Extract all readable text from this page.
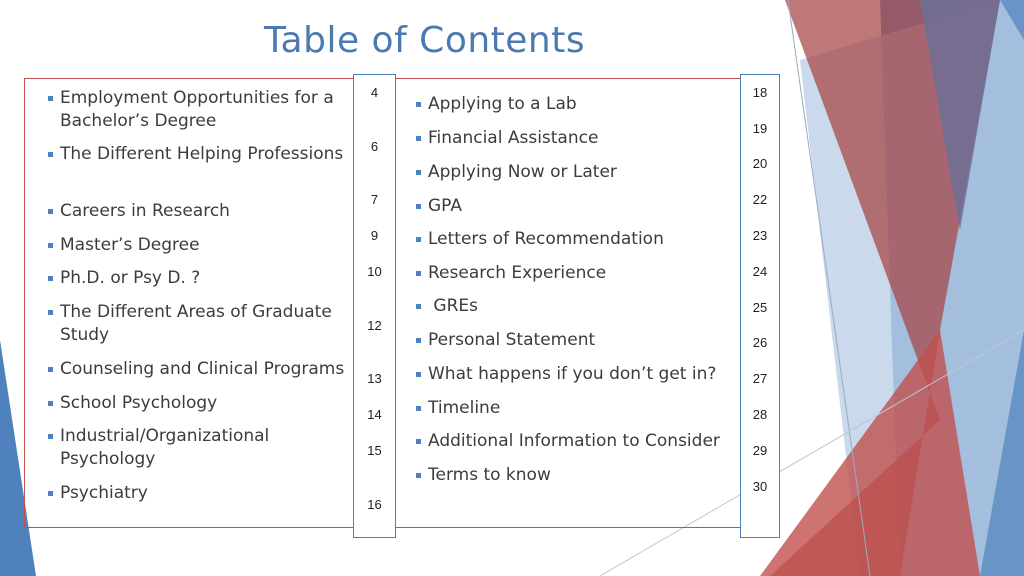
Table of Contents
4
6
7
9
10
12
13
14
15
16
18
19
20
22
23
24
25
26
27
28
29
30
Employment Opportunities for a Bachelor’s Degree
The Different Helping Professions
Careers in Research
Master’s Degree
Ph.D. or Psy D. ?
The Different Areas of Graduate Study
Counseling and Clinical Programs
School Psychology
Industrial/Organizational Psychology
Psychiatry
Applying to a Lab
Financial Assistance
Applying Now or Later
GPA
Letters of Recommendation
Research Experience
GREs
Personal Statement
What happens if you don’t get in?
Timeline
Additional Information to Consider
Terms to know
